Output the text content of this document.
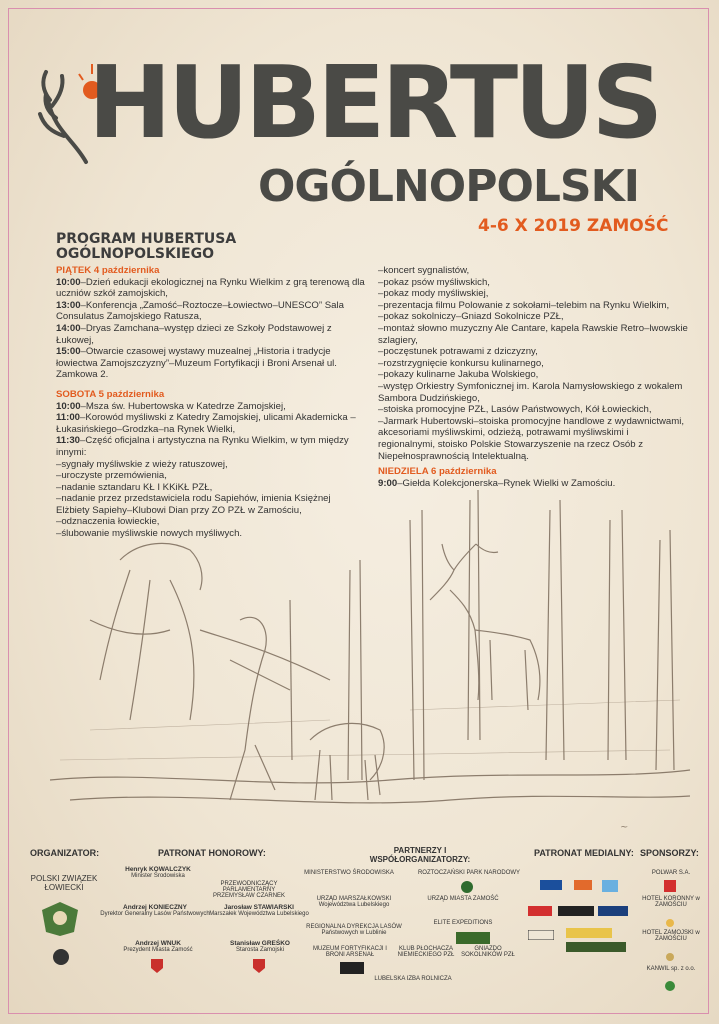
HUBERTUS
OGÓLNOPOLSKI
4-6 X 2019 ZAMOŚĆ
PROGRAM HUBERTUSA
OGÓLNOPOLSKIEGO

PIĄTEK 4 października

10:00–Dzień edukacji ekologicznej na Rynku Wielkim z grą terenową dla uczniów szkół zamojskich,

13:00–Konferencja „Zamość–Roztocze–Łowiectwo–UNESCO” Sala Consulatus Zamojskiego Ratusza,

14:00–Dryas Zamchana–występ dzieci ze Szkoły Podstawowej z Łukowej,

15:00–Otwarcie czasowej wystawy muzealnej „Historia i tradycje łowiectwa Zamojszczyzny”–Muzeum Fortyfikacji i Broni Arsenał ul. Zamkowa 2.

SOBOTA 5 października

10:00–Msza św. Hubertowska w Katedrze Zamojskiej,

11:00–Korowód myśliwski z Katedry Zamojskiej, ulicami Akademicka –Łukasińskiego–Grodzka–na Rynek Wielki,

11:30–Część oficjalna i artystyczna na Rynku Wielkim, w tym między innymi:

–sygnały myśliwskie z wieży ratuszowej,

–uroczyste przemówienia,

–nadanie sztandaru KŁ I KKiKŁ PZŁ,

–nadanie przez przedstawiciela rodu Sapiehów, imienia Księżnej Elżbiety Sapiehy–Klubowi Dian przy ZO PZŁ w Zamościu,

–odznaczenia łowieckie,

–ślubowanie myśliwskie nowych myśliwych.

–koncert sygnalistów,

–pokaz psów myśliwskich,

–pokaz mody myśliwskiej,

–prezentacja filmu Polowanie z sokołami–telebim na Rynku Wielkim,

–pokaz sokolniczy–Gniazd Sokolnicze PZŁ,

–montaż słowno muzyczny Ale Cantare, kapela Rawskie Retro–lwowskie szlagiery,

–poczęstunek potrawami z dziczyzny,

–rozstrzygnięcie konkursu kulinarnego,

–pokazy kulinarne Jakuba Wolskiego,

–występ Orkiestry Symfonicznej im. Karola Namysłowskiego z wokalem Sambora Dudzińskiego,

–stoiska promocyjne PZŁ, Lasów Państwowych, Kół Łowieckich,

–Jarmark Hubertowski–stoiska promocyjne handlowe z wydawnictwami, akcesoriami myśliwskimi, odzieżą, potrawami myśliwskimi i regionalnymi, stoisko Polskie Stowarzyszenie na rzecz Osób z Niepełnosprawnością Intelektualną.

NIEDZIELA 6 października

9:00–Giełda Kolekcjonerska–Rynek Wielki w Zamościu.

~
ORGANIZATOR:
POLSKI ZWIĄZEK ŁOWIECKI
PATRONAT HONOROWY:
Henryk KOWALCZYK
Minister Środowiska
PRZEWODNICZĄCY PARLAMENTARNY PRZEMYSŁAW CZARNEK
Andrzej KONIECZNY
Dyrektor Generalny Lasów Państwowych
Jarosław STAWIARSKI
Marszałek Województwa Lubelskiego
Andrzej WNUK
Prezydent Miasta Zamość
Stanisław GREŚKO
Starosta Zamojski
PARTNERZY I WSPÓŁORGANIZATORZY:
MINISTERSTWO ŚRODOWISKA	ROZTOCZAŃSKI PARK NARODOWY
URZĄD MARSZAŁKOWSKI Województwa Lubelskiego
URZĄD MIASTA ZAMOŚĆ
REGIONALNA DYREKCJA LASÓW Państwowych w Lublinie
ELITE EXPEDITIONS
MUZEUM FORTYFIKACJI I BRONI ARSENAŁ
KLUB PŁOCHACZA NIEMIECKIEGO PZŁ
GNIAZDO SOKOLNIKÓW PZŁ
LUBELSKA IZBA ROLNICZA
PATRONAT MEDIALNY: SPONSORZY:
POLWAR S.A.
HOTEL KORONNY w ZAMOŚCIU
HOTEL ZAMOJSKI w ZAMOŚCIU
KANWIL sp. z o.o.
